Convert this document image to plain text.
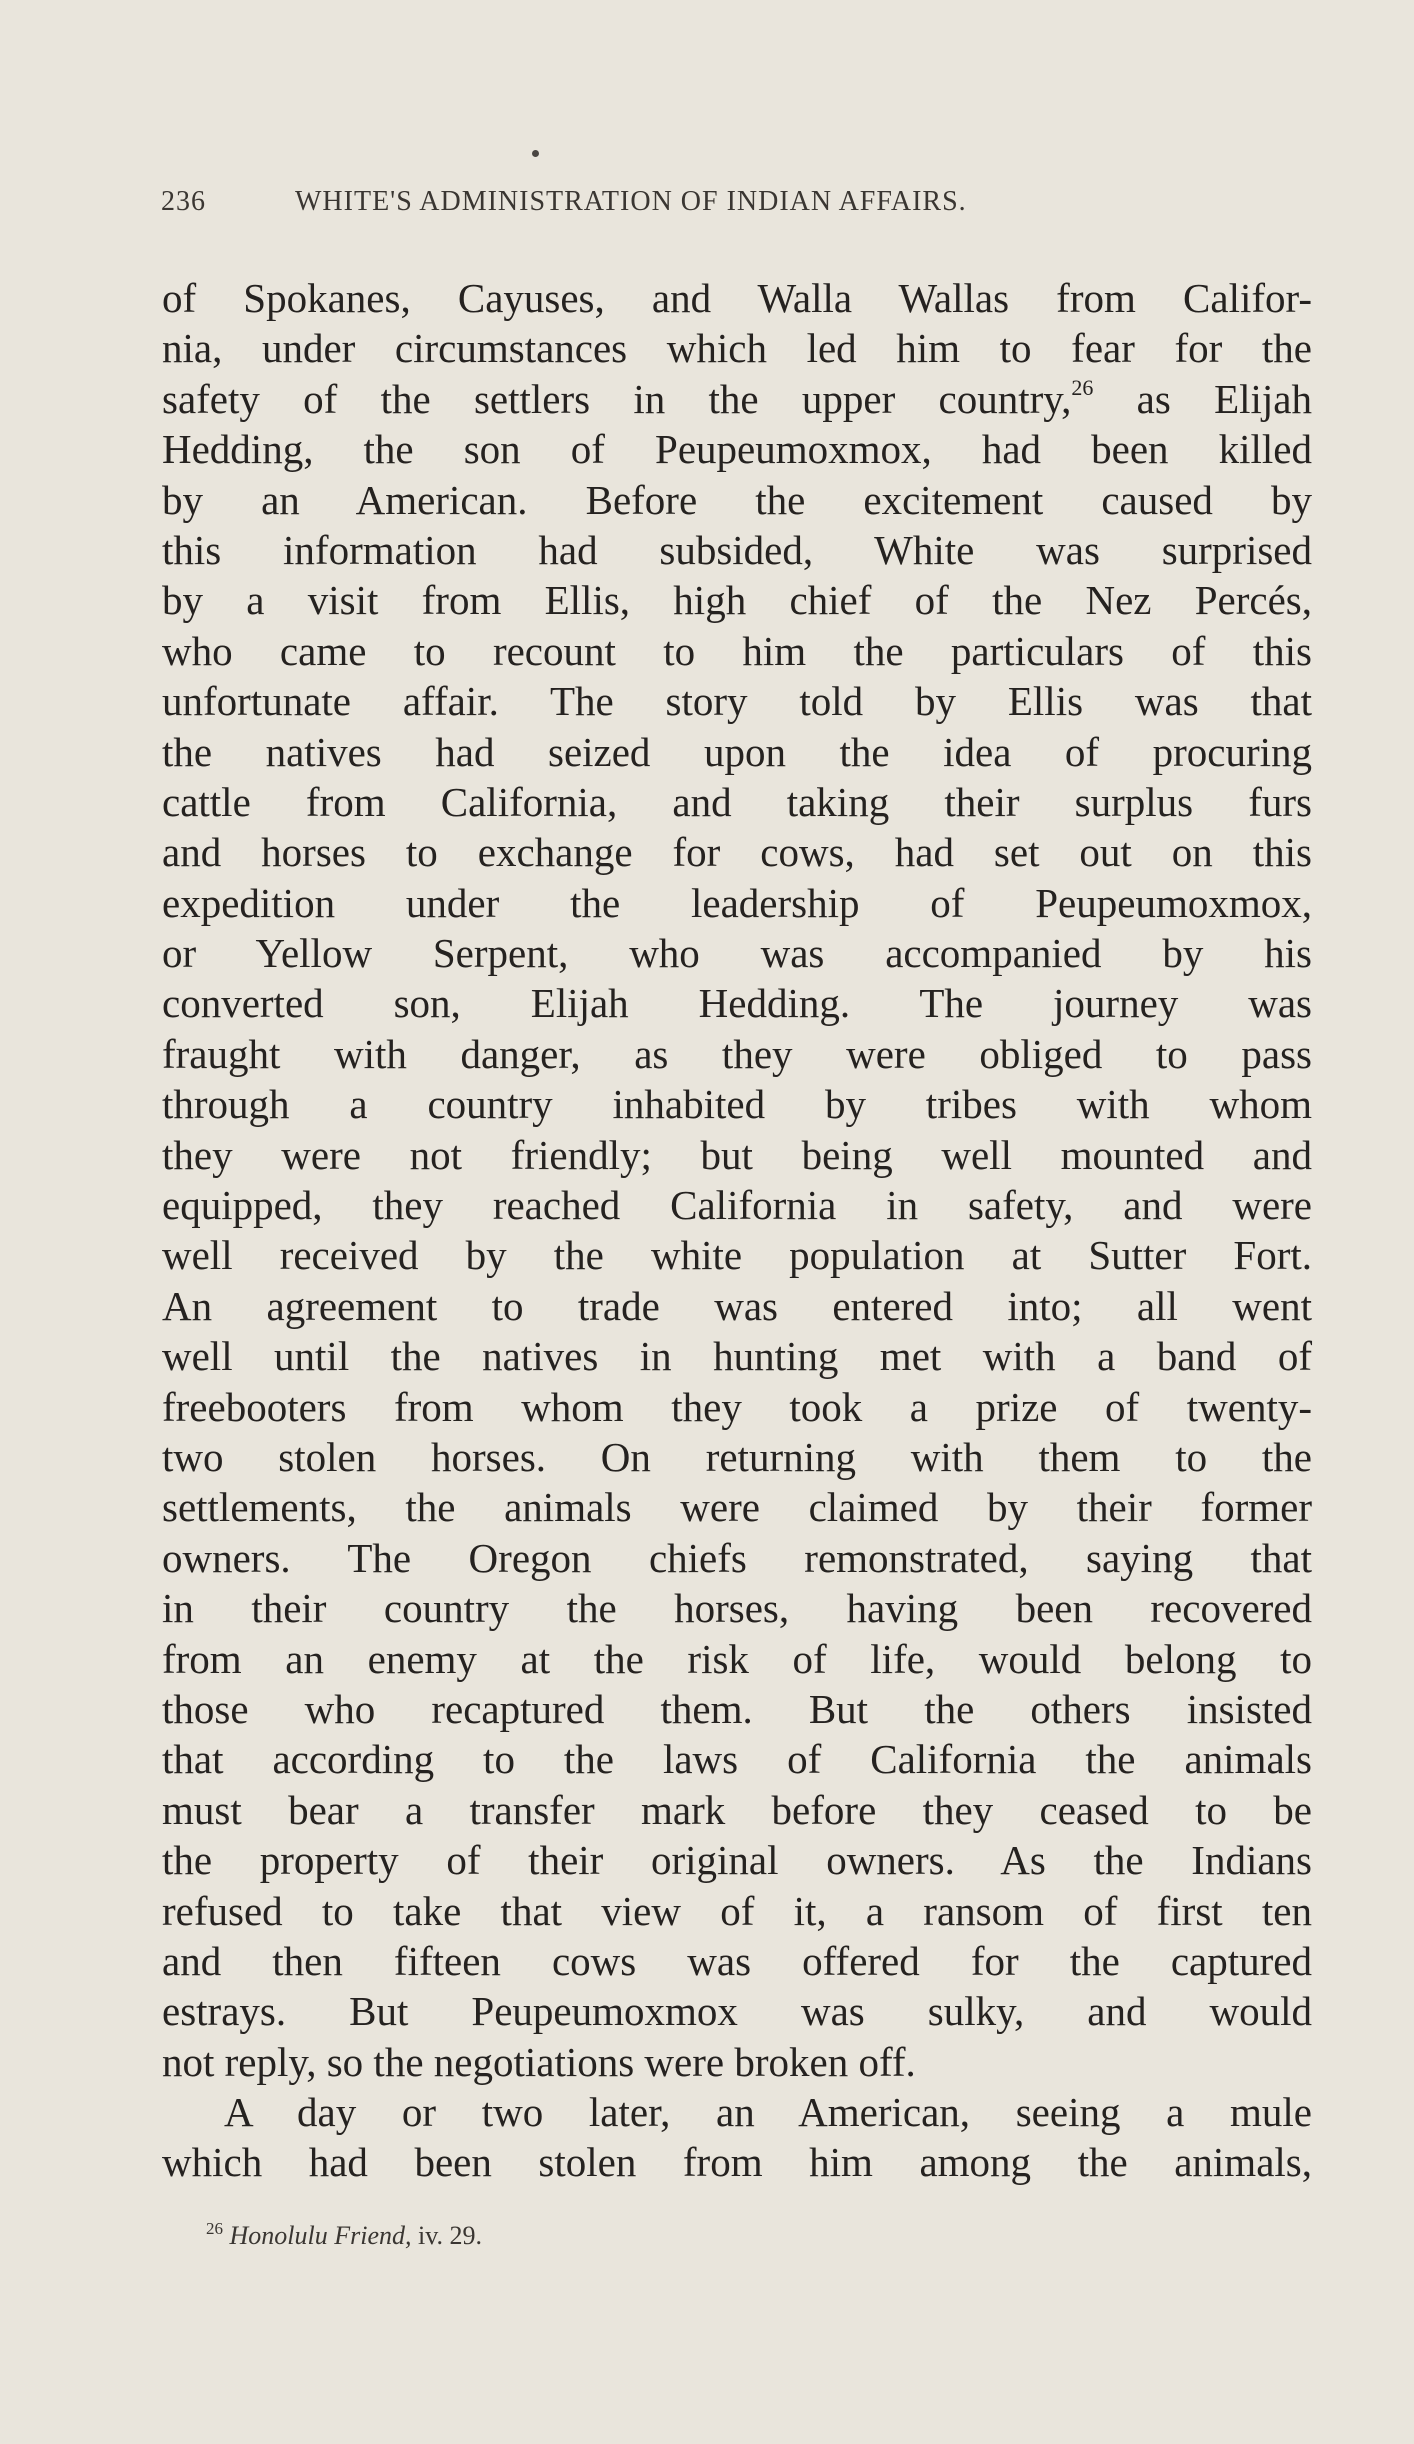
236	WHITE'S ADMINISTRATION OF INDIAN AFFAIRS.
of Spokanes, Cayuses, and Walla Wallas from Califor-
nia, under circumstances which led him to fear for the
safety of the settlers in the upper country,$^{26}$ as Elijah
Hedding, the son of Peupeumoxmox, had been killed
by an American. Before the excitement caused by
this information had subsided, White was surprised
by a visit from Ellis, high chief of the Nez Percés,
who came to recount to him the particulars of this
unfortunate affair. The story told by Ellis was that
the natives had seized upon the idea of procuring
cattle from California, and taking their surplus furs
and horses to exchange for cows, had set out on this
expedition under the leadership of Peupeumoxmox,
or Yellow Serpent, who was accompanied by his
converted son, Elijah Hedding. The journey was
fraught with danger, as they were obliged to pass
through a country inhabited by tribes with whom
they were not friendly; but being well mounted and
equipped, they reached California in safety, and were
well received by the white population at Sutter Fort.
An agreement to trade was entered into; all went
well until the natives in hunting met with a band of
freebooters from whom they took a prize of twenty-
two stolen horses. On returning with them to the
settlements, the animals were claimed by their former
owners. The Oregon chiefs remonstrated, saying that
in their country the horses, having been recovered
from an enemy at the risk of life, would belong to
those who recaptured them. But the others insisted
that according to the laws of California the animals
must bear a transfer mark before they ceased to be
the property of their original owners. As the Indians
refused to take that view of it, a ransom of first ten
and then fifteen cows was offered for the captured
estrays. But Peupeumoxmox was sulky, and would
not reply, so the negotiations were broken off.
A day or two later, an American, seeing a mule
which had been stolen from him among the animals,
$^{26}$ Honolulu Friend, iv. 29.
